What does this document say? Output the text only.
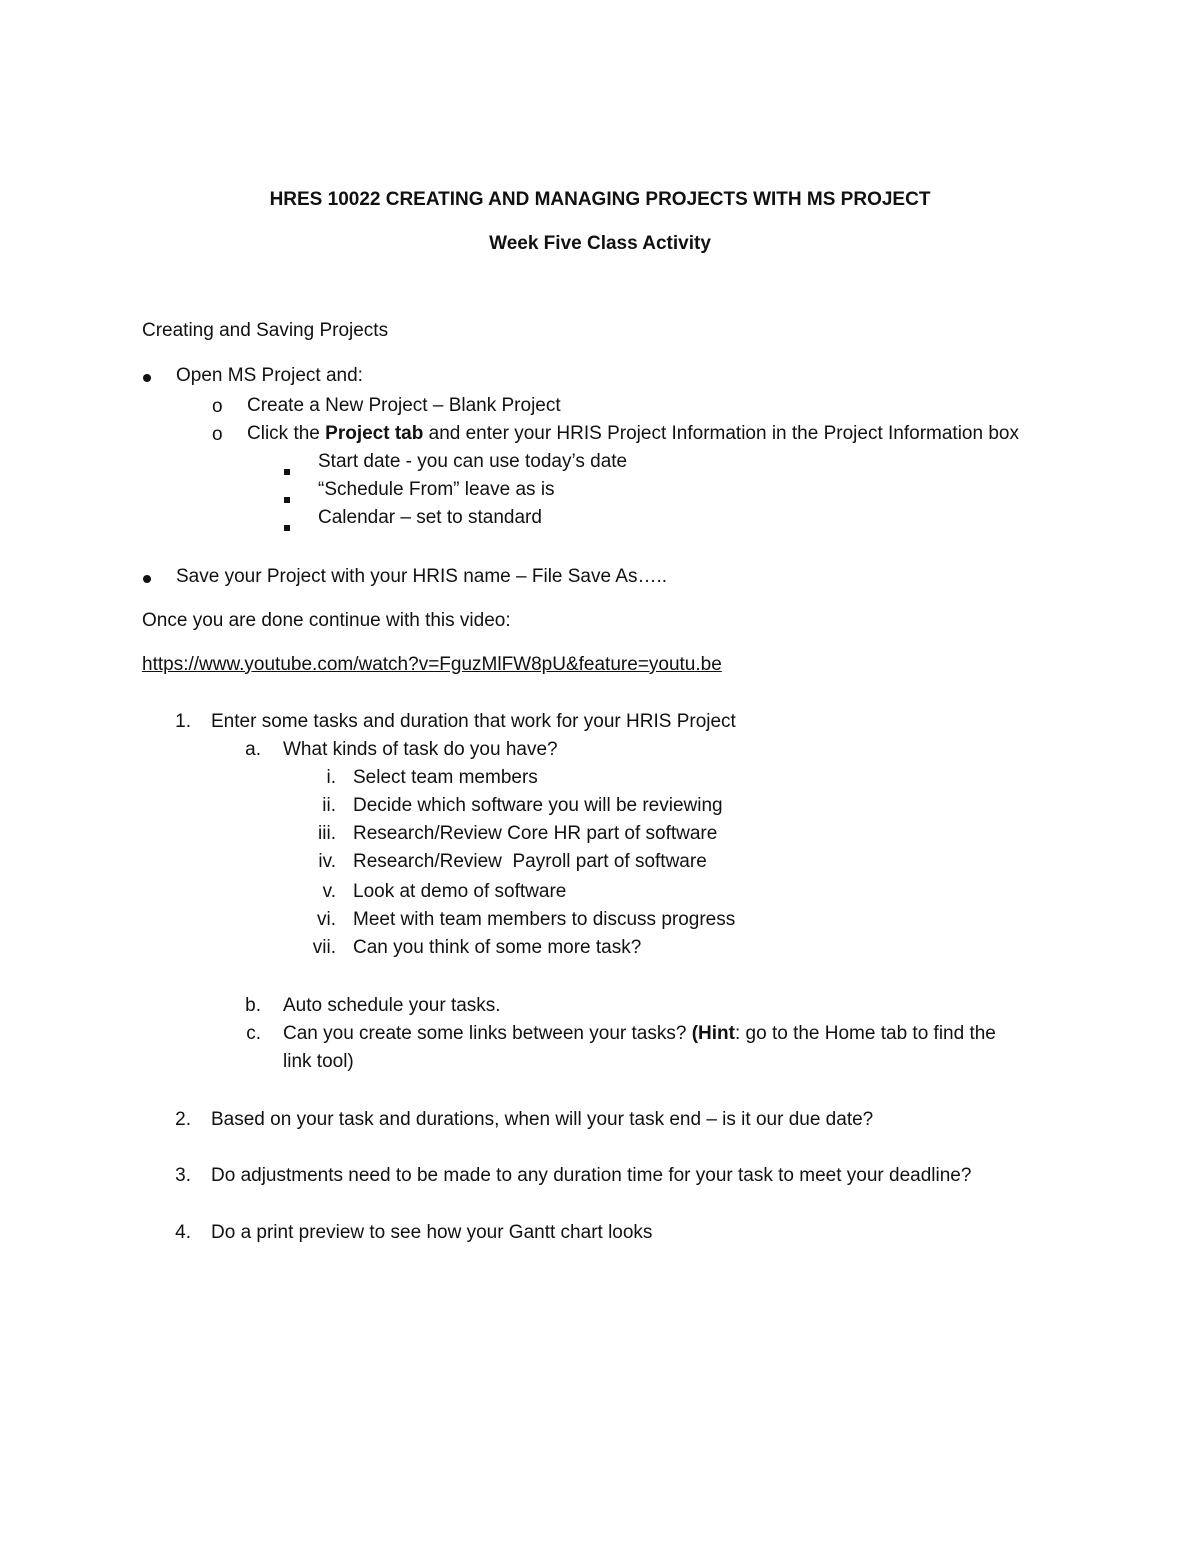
HRES 10022 CREATING AND MANAGING PROJECTS WITH MS PROJECT
Week Five Class Activity
Creating and Saving Projects
Open MS Project and:
o Create a New Project – Blank Project
o Click the Project tab and enter your HRIS Project Information in the Project Information box
Start date - you can use today’s date
“Schedule From” leave as is
Calendar – set to standard
Save your Project with your HRIS name – File Save As…..
Once you are done continue with this video:
https://www.youtube.com/watch?v=FguzMlFW8pU&feature=youtu.be
1. Enter some tasks and duration that work for your HRIS Project
a. What kinds of task do you have?
i. Select team members
ii. Decide which software you will be reviewing
iii. Research/Review Core HR part of software
iv. Research/Review  Payroll part of software
v. Look at demo of software
vi. Meet with team members to discuss progress
vii. Can you think of some more task?
b. Auto schedule your tasks.
c. Can you create some links between your tasks? (Hint: go to the Home tab to find the
link tool)
2. Based on your task and durations, when will your task end – is it our due date?
3. Do adjustments need to be made to any duration time for your task to meet your deadline?
4. Do a print preview to see how your Gantt chart looks
